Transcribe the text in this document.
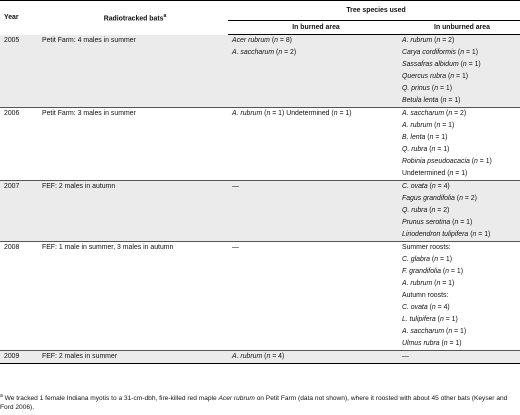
Year	Radiotracked bats$^a$	Tree species used	
		In burned area	In unburned area
2005	Petit Farm: 4 males in summer	Acer rubrum (n = 8)	A. rubrum (n = 2)
		A. saccharum (n = 2)	Carya cordiformis (n = 1)
			Sassafras albidum (n = 1)
			Quercus rubra (n = 1)
			Q. prinus (n = 1)
			Betula lenta (n = 1)
2006	Petit Farm: 3 males in summer	A. rubrum (n = 1) Undetermined (n = 1)	A. saccharum (n = 2)
			A. rubrum (n = 1)
			B. lenta (n = 1)
			Q. rubra (n = 1)
			Robinia pseudoacacia (n = 1)
			Undetermined (n = 1)
2007	FEF: 2 males in autumn	—	C. ovata (n = 4)
			Fagus grandifolia (n = 2)
			Q. rubra (n = 2)
			Prunus serotina (n = 1)
			Liriodendron tulipifera (n = 1)
2008	FEF: 1 male in summer, 3 males in autumn	—	Summer roosts:
			C. glabra (n = 1)
			F. grandifolia (n = 1)
			A. rubrum (n = 1)
			Autumn roosts:
			C. ovata (n = 4)
			L. tulipifera (n = 1)
			A. saccharum (n = 1)
			Ulmus rubra (n = 1)
2009	FEF: 2 males in summer	A. rubrum (n = 4)	—
$^a$ We tracked 1 female Indiana myotis to a 31-cm-dbh, fire-killed red maple Acer rubrum on Petit Farm (data not shown), where it roosted with about 45 other bats (Keyser and Ford 2006).
